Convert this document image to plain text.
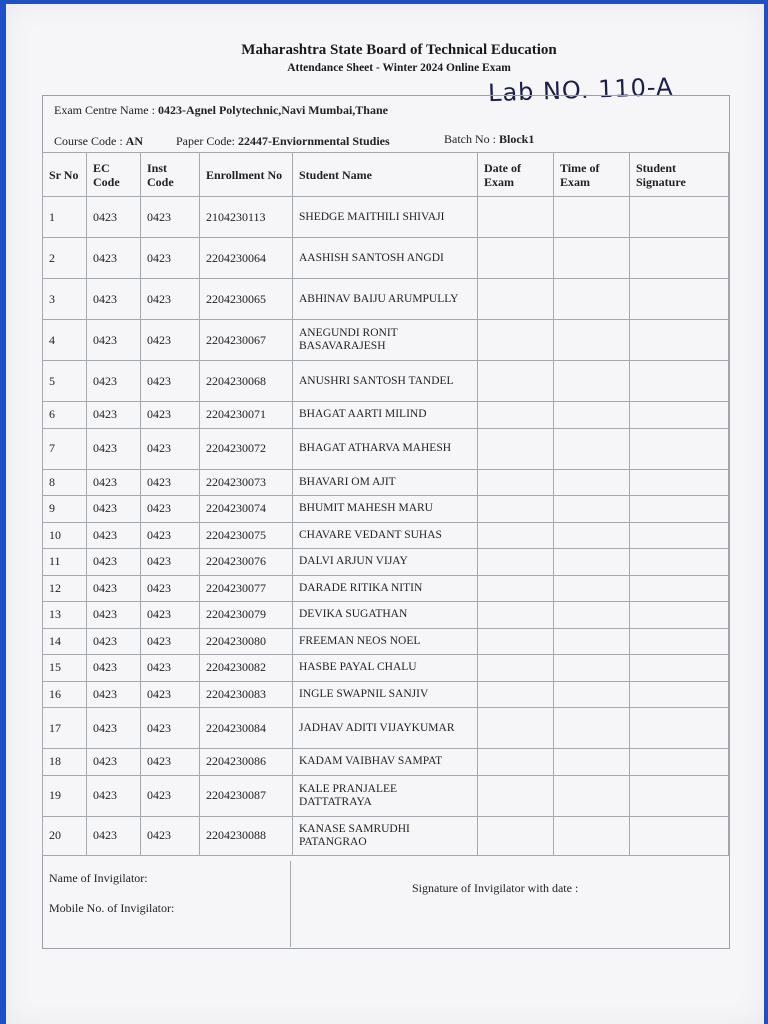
Maharashtra State Board of Technical Education
Attendance Sheet - Winter 2024 Online Exam
Lab NO. 110-A
Exam Centre Name : 0423-Agnel Polytechnic,Navi Mumbai,Thane
Course Code : AN	Paper Code: 22447-Enviornmental Studies	Batch No : Block1
Sr No	EC Code	Inst Code	Enrollment No	Student Name	Date of Exam	Time of Exam	Student Signature
1	0423	0423	2104230113	SHEDGE MAITHILI SHIVAJI			
2	0423	0423	2204230064	AASHISH SANTOSH ANGDI			
3	0423	0423	2204230065	ABHINAV BAIJU ARUMPULLY			
4	0423	0423	2204230067	ANEGUNDI RONIT BASAVARAJESH			
5	0423	0423	2204230068	ANUSHRI SANTOSH TANDEL			
6	0423	0423	2204230071	BHAGAT AARTI MILIND			
7	0423	0423	2204230072	BHAGAT ATHARVA MAHESH			
8	0423	0423	2204230073	BHAVARI OM AJIT			
9	0423	0423	2204230074	BHUMIT MAHESH MARU			
10	0423	0423	2204230075	CHAVARE VEDANT SUHAS			
11	0423	0423	2204230076	DALVI ARJUN VIJAY			
12	0423	0423	2204230077	DARADE RITIKA NITIN			
13	0423	0423	2204230079	DEVIKA SUGATHAN			
14	0423	0423	2204230080	FREEMAN NEOS NOEL			
15	0423	0423	2204230082	HASBE PAYAL CHALU			
16	0423	0423	2204230083	INGLE SWAPNIL SANJIV			
17	0423	0423	2204230084	JADHAV ADITI VIJAYKUMAR			
18	0423	0423	2204230086	KADAM VAIBHAV SAMPAT			
19	0423	0423	2204230087	KALE PRANJALEE DATTATRAYA			
20	0423	0423	2204230088	KANASE SAMRUDHI PATANGRAO			
Name of Invigilator:
Mobile No. of Invigilator:
Signature of Invigilator with date :
